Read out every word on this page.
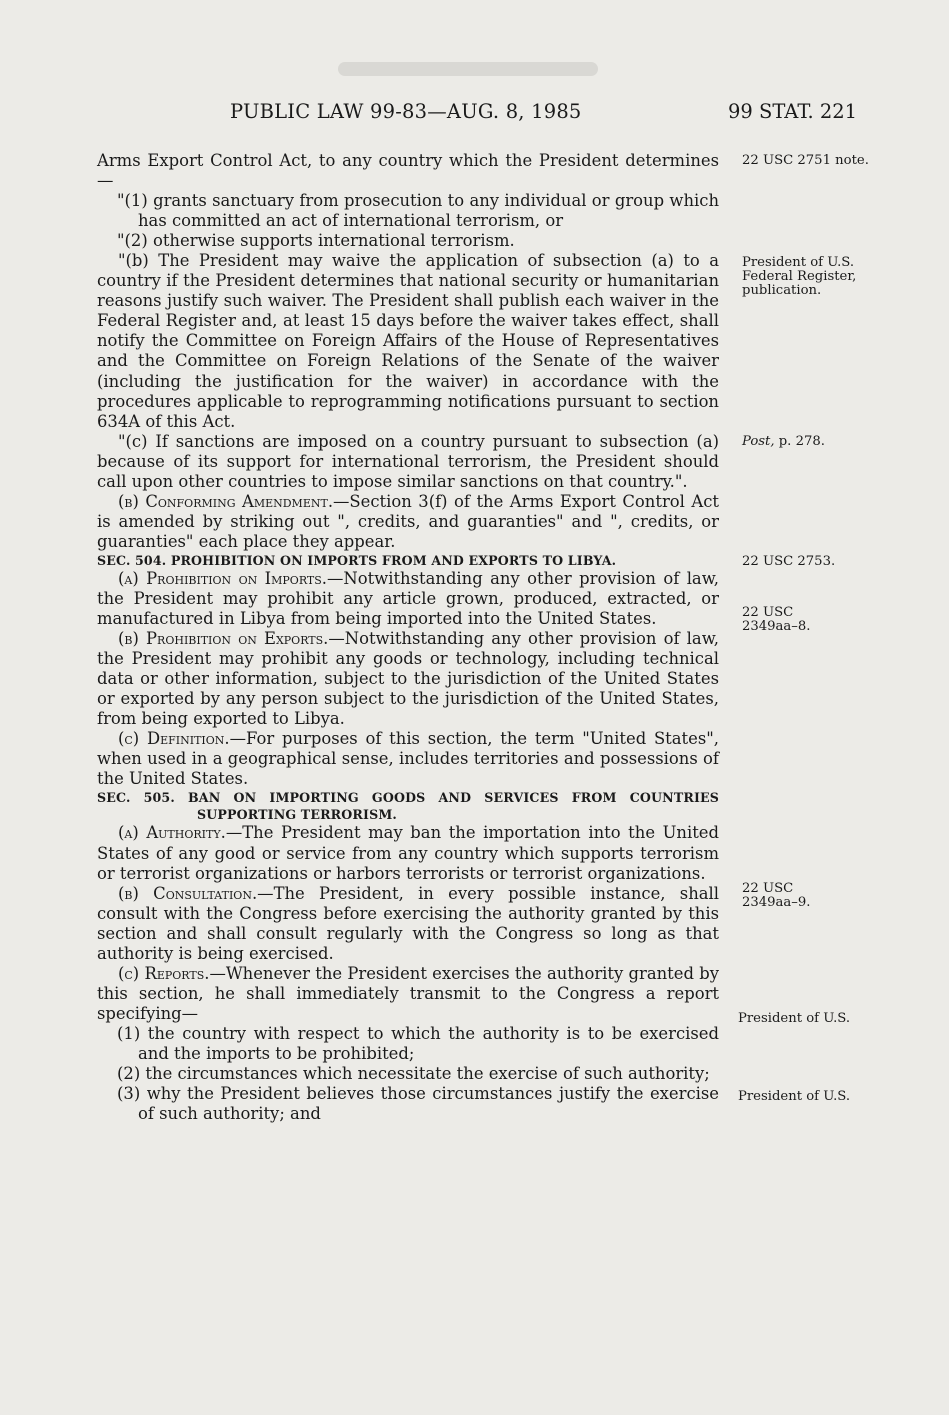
PUBLIC LAW 99-83—AUG. 8, 1985	99 STAT. 221

Arms Export Control Act, to any country which the President determines—

"(1) grants sanctuary from prosecution to any individual or group which has committed an act of international terrorism, or

"(2) otherwise supports international terrorism.

"(b) The President may waive the application of subsection (a) to a country if the President determines that national security or humanitarian reasons justify such waiver. The President shall publish each waiver in the Federal Register and, at least 15 days before the waiver takes effect, shall notify the Committee on Foreign Affairs of the House of Representatives and the Committee on Foreign Relations of the Senate of the waiver (including the justification for the waiver) in accordance with the procedures applicable to reprogramming notifications pursuant to section 634A of this Act.

"(c) If sanctions are imposed on a country pursuant to subsection (a) because of its support for international terrorism, the President should call upon other countries to impose similar sanctions on that country.".

(b) Conforming Amendment.—Section 3(f) of the Arms Export Control Act is amended by striking out ", credits, and guaranties" and ", credits, or guaranties" each place they appear.

SEC. 504. PROHIBITION ON IMPORTS FROM AND EXPORTS TO LIBYA.

(a) Prohibition on Imports.—Notwithstanding any other provision of law, the President may prohibit any article grown, produced, extracted, or manufactured in Libya from being imported into the United States.

(b) Prohibition on Exports.—Notwithstanding any other provision of law, the President may prohibit any goods or technology, including technical data or other information, subject to the jurisdiction of the United States or exported by any person subject to the jurisdiction of the United States, from being exported to Libya.

(c) Definition.—For purposes of this section, the term "United States", when used in a geographical sense, includes territories and possessions of the United States.

SEC. 505. BAN ON IMPORTING GOODS AND SERVICES FROM COUNTRIES SUPPORTING TERRORISM.

(a) Authority.—The President may ban the importation into the United States of any good or service from any country which supports terrorism or terrorist organizations or harbors terrorists or terrorist organizations.

(b) Consultation.—The President, in every possible instance, shall consult with the Congress before exercising the authority granted by this section and shall consult regularly with the Congress so long as that authority is being exercised.

(c) Reports.—Whenever the President exercises the authority granted by this section, he shall immediately transmit to the Congress a report specifying—

(1) the country with respect to which the authority is to be exercised and the imports to be prohibited;

(2) the circumstances which necessitate the exercise of such authority;

(3) why the President believes those circumstances justify the exercise of such authority; and

22 USC 2751 note.
President of U.S. Federal Register, publication.
Post, p. 278.
22 USC 2753.
22 USC 2349aa–8.
22 USC 2349aa–9.
President of U.S.
President of U.S.
